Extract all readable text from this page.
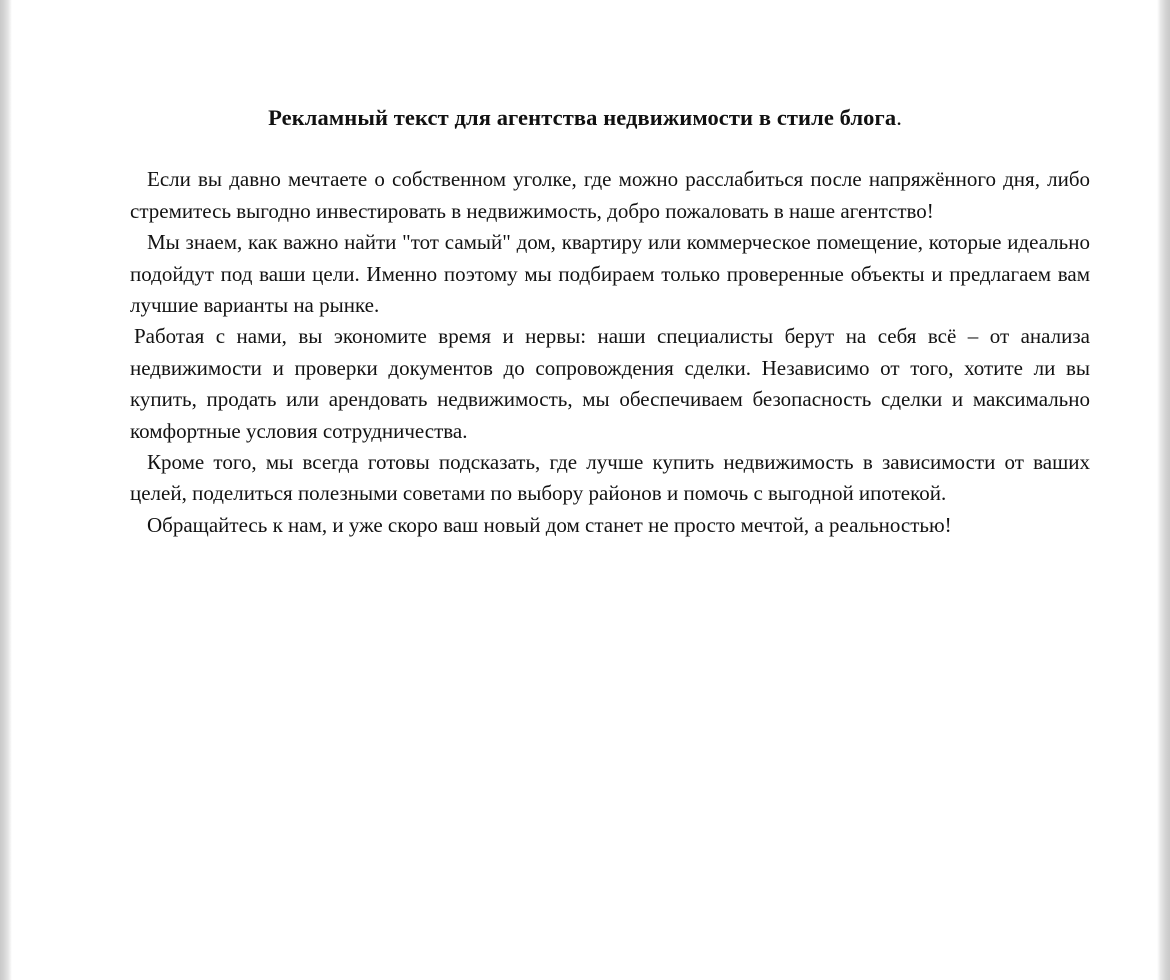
Рекламный текст для агентства недвижимости в стиле блога.

Если вы давно мечтаете о собственном уголке, где можно расслабиться после напряжённого дня, либо стремитесь выгодно инвестировать в недвижимость, добро пожаловать в наше агентство!

Мы знаем, как важно найти "тот самый" дом, квартиру или коммерческое помещение, которые идеально подойдут под ваши цели. Именно поэтому мы подбираем только проверенные объекты и предлагаем вам лучшие варианты на рынке.

Работая с нами, вы экономите время и нервы: наши специалисты берут на себя всё – от анализа недвижимости и проверки документов до сопровождения сделки. Независимо от того, хотите ли вы купить, продать или арендовать недвижимость, мы обеспечиваем безопасность сделки и максимально комфортные условия сотрудничества.

Кроме того, мы всегда готовы подсказать, где лучше купить недвижимость в зависимости от ваших целей, поделиться полезными советами по выбору районов и помочь с выгодной ипотекой.

Обращайтесь к нам, и уже скоро ваш новый дом станет не просто мечтой, а реальностью!
